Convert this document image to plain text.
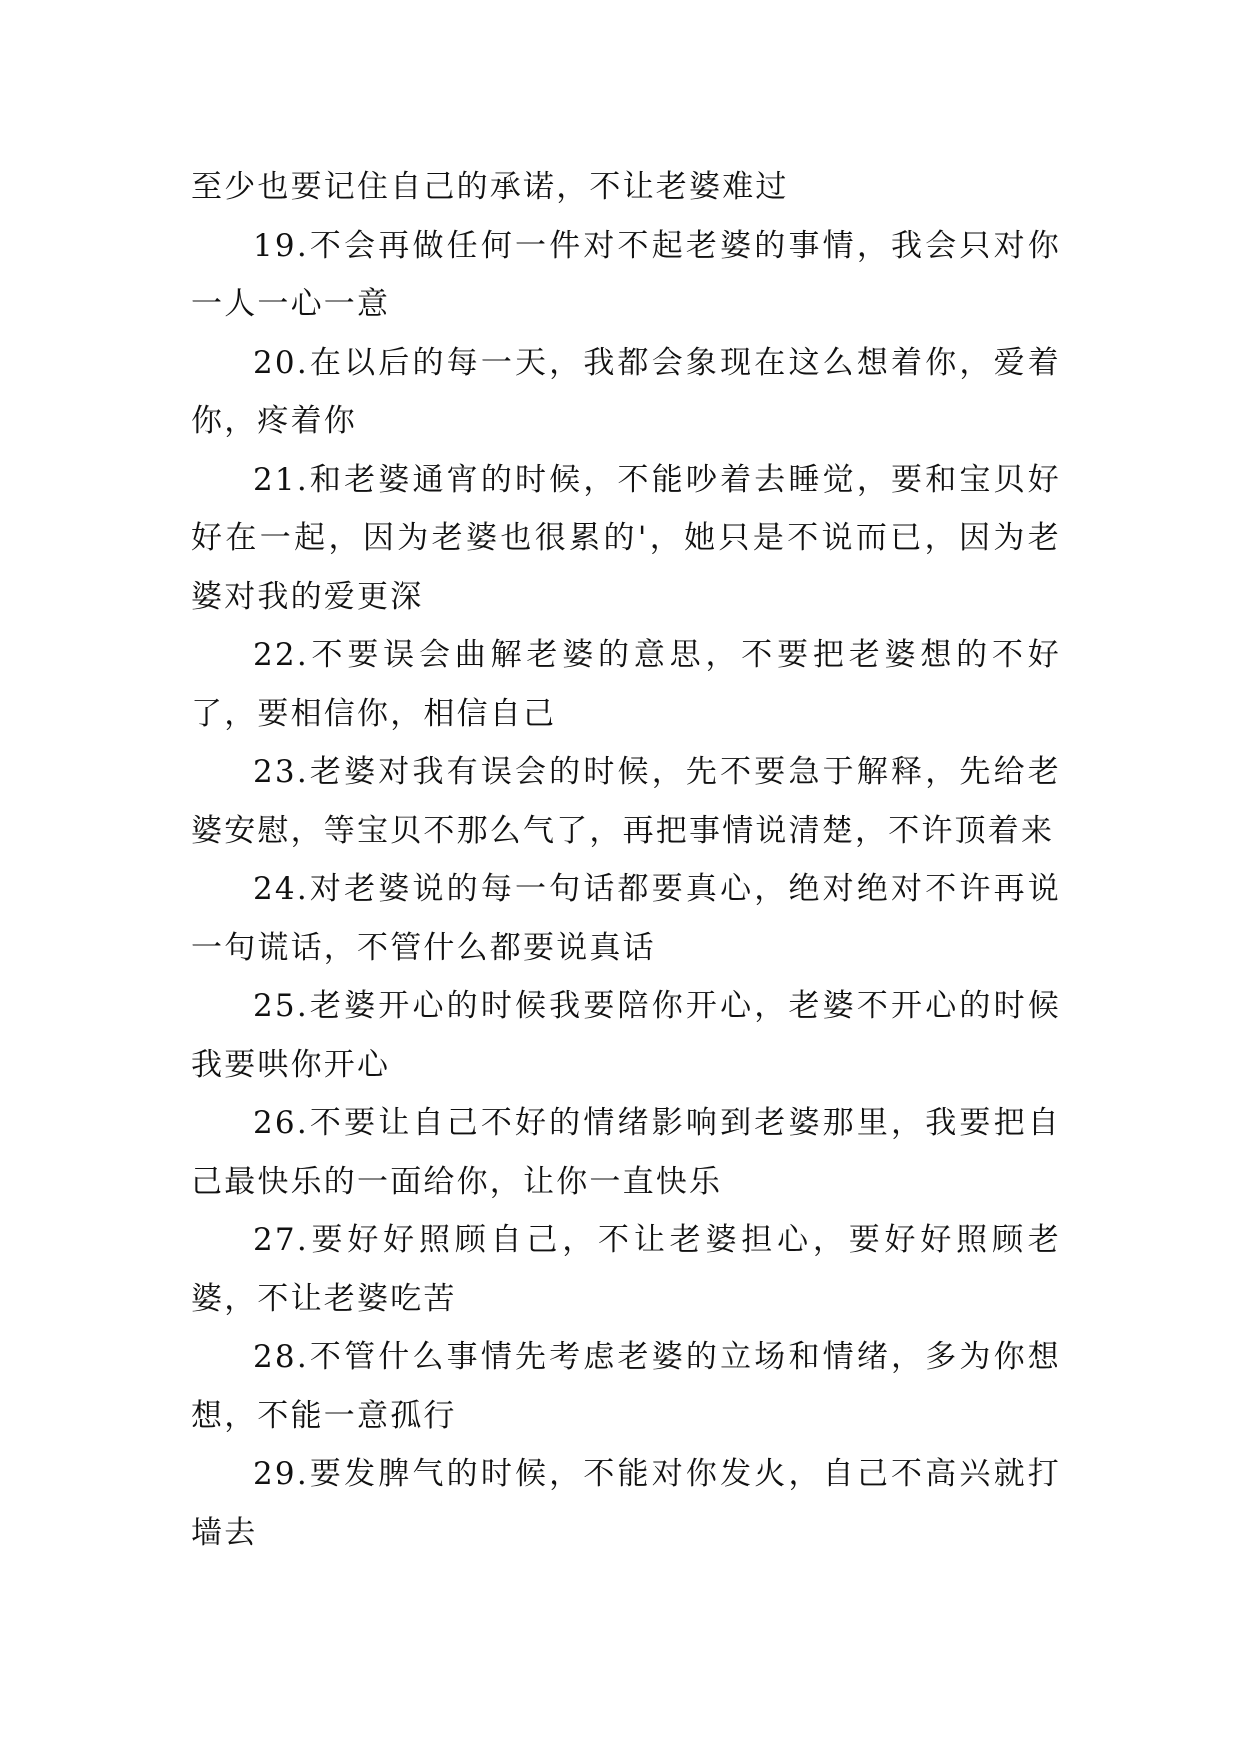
至少也要记住自己的承诺，不让老婆难过

19.不会再做任何一件对不起老婆的事情，我会只对你一人一心一意

20.在以后的每一天，我都会象现在这么想着你，爱着你，疼着你

21.和老婆通宵的时候，不能吵着去睡觉，要和宝贝好好在一起，因为老婆也很累的'，她只是不说而已，因为老婆对我的爱更深

22.不要误会曲解老婆的意思，不要把老婆想的不好了，要相信你，相信自己

23.老婆对我有误会的时候，先不要急于解释，先给老婆安慰，等宝贝不那么气了，再把事情说清楚，不许顶着来

24.对老婆说的每一句话都要真心，绝对绝对不许再说一句谎话，不管什么都要说真话

25.老婆开心的时候我要陪你开心，老婆不开心的时候我要哄你开心

26.不要让自己不好的情绪影响到老婆那里，我要把自己最快乐的一面给你，让你一直快乐

27.要好好照顾自己，不让老婆担心，要好好照顾老婆，不让老婆吃苦

28.不管什么事情先考虑老婆的立场和情绪，多为你想想，不能一意孤行

29.要发脾气的时候，不能对你发火，自己不高兴就打墙去
